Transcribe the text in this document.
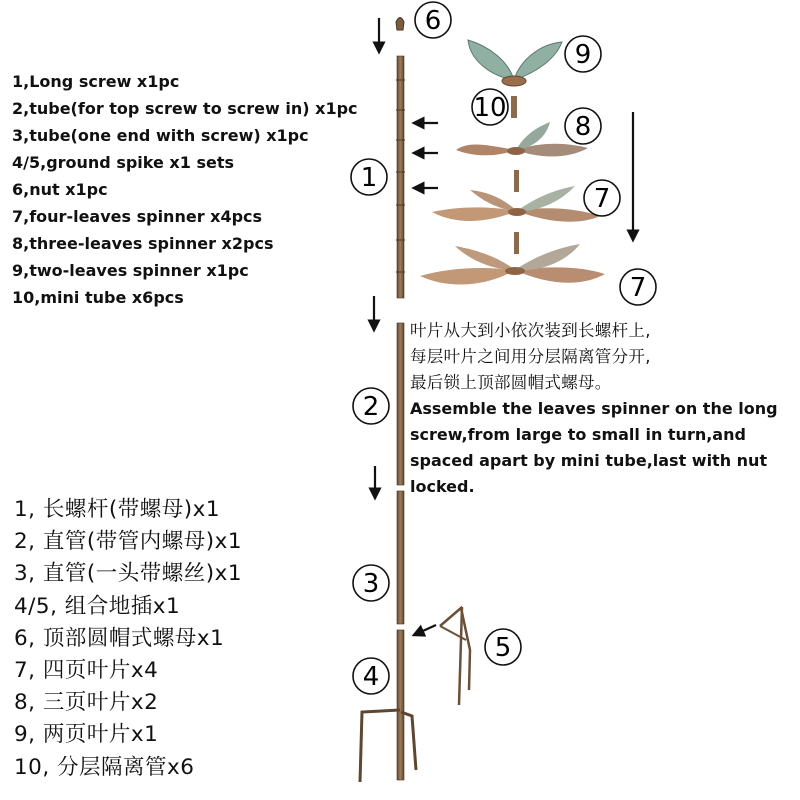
1,Long screw x1pc
2,tube(for top screw to screw in) x1pc
3,tube(one end with screw) x1pc
4/5,ground spike x1 sets
6,nut x1pc
7,four-leaves spinner x4pcs
8,three-leaves spinner x2pcs
9,two-leaves spinner x1pc
10,mini tube x6pcs
1, 长螺杆(带螺母)x1
2, 直管(带管内螺母)x1
3, 直管(一头带螺丝)x1
4/5, 组合地插x1
6, 顶部圆帽式螺母x1
7, 四页叶片x4
8, 三页叶片x2
9, 两页叶片x1
10, 分层隔离管x6

叶片从大到小依次装到长螺杆上,

每层叶片之间用分层隔离管分开,

最后锁上顶部圆帽式螺母。

Assemble the leaves spinner on the long screw,from large to small in turn,and spaced apart by mini tube,last with nut locked.

6
9
10
8
1
7
7
2
3
5
4
